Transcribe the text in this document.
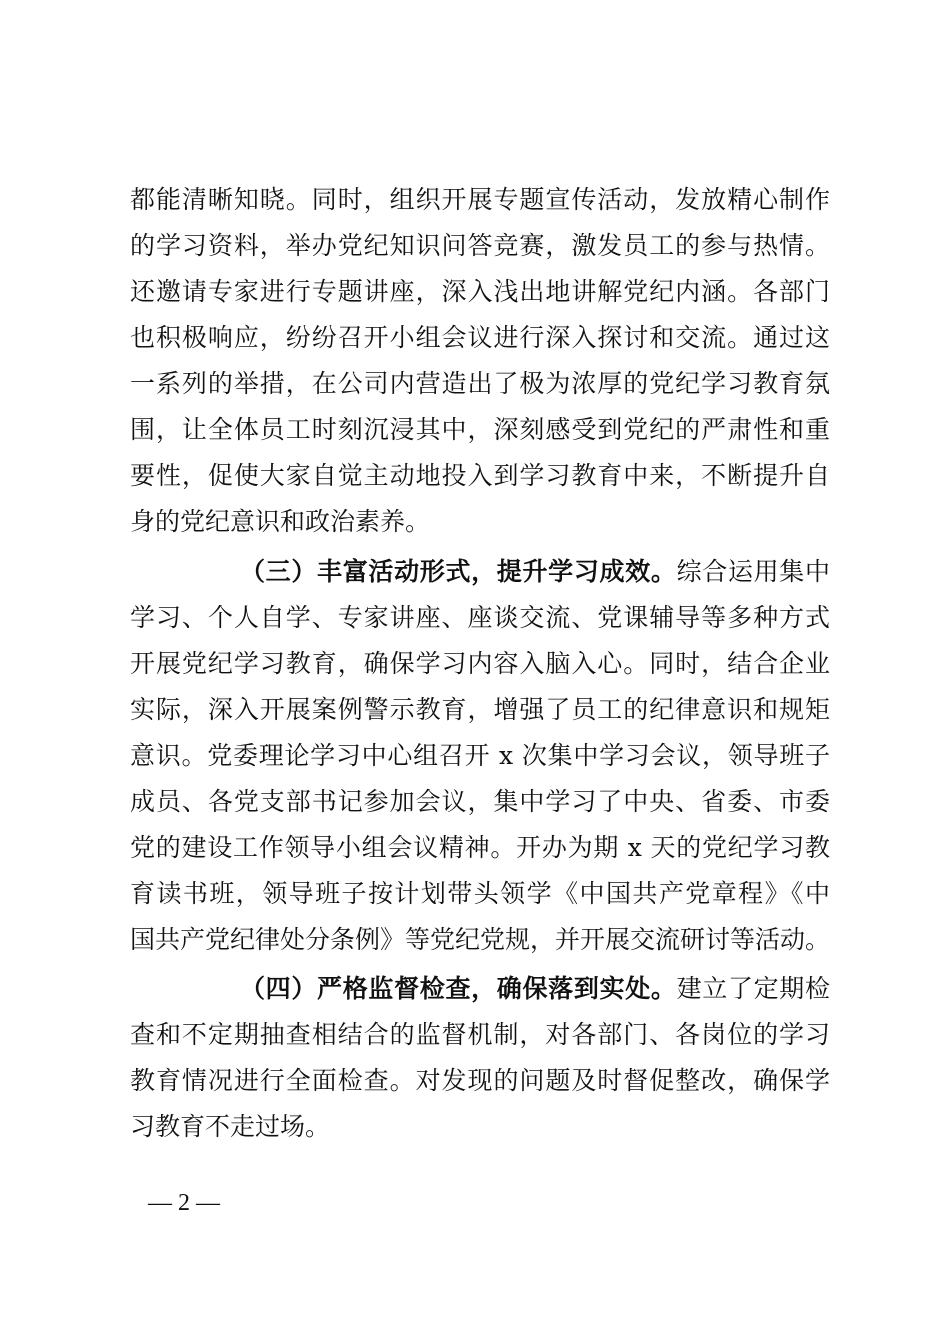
都能清晰知晓。同时，组织开展专题宣传活动，发放精心制作
的学习资料，举办党纪知识问答竞赛，激发员工的参与热情。
还邀请专家进行专题讲座，深入浅出地讲解党纪内涵。各部门
也积极响应，纷纷召开小组会议进行深入探讨和交流。通过这
一系列的举措，在公司内营造出了极为浓厚的党纪学习教育氛
围，让全体员工时刻沉浸其中，深刻感受到党纪的严肃性和重
要性，促使大家自觉主动地投入到学习教育中来，不断提升自
身的党纪意识和政治素养。
（三）丰富活动形式，提升学习成效。综合运用集中
学习、个人自学、专家讲座、座谈交流、党课辅导等多种方式
开展党纪学习教育，确保学习内容入脑入心。同时，结合企业
实际，深入开展案例警示教育，增强了员工的纪律意识和规矩
意识。党委理论学习中心组召开 x 次集中学习会议，领导班子
成员、各党支部书记参加会议，集中学习了中央、省委、市委
党的建设工作领导小组会议精神。开办为期 x 天的党纪学习教
育读书班，领导班子按计划带头领学《中国共产党章程》《中
国共产党纪律处分条例》等党纪党规，并开展交流研讨等活动。
（四）严格监督检查，确保落到实处。建立了定期检
查和不定期抽查相结合的监督机制，对各部门、各岗位的学习
教育情况进行全面检查。对发现的问题及时督促整改，确保学
习教育不走过场。
— 2 —
